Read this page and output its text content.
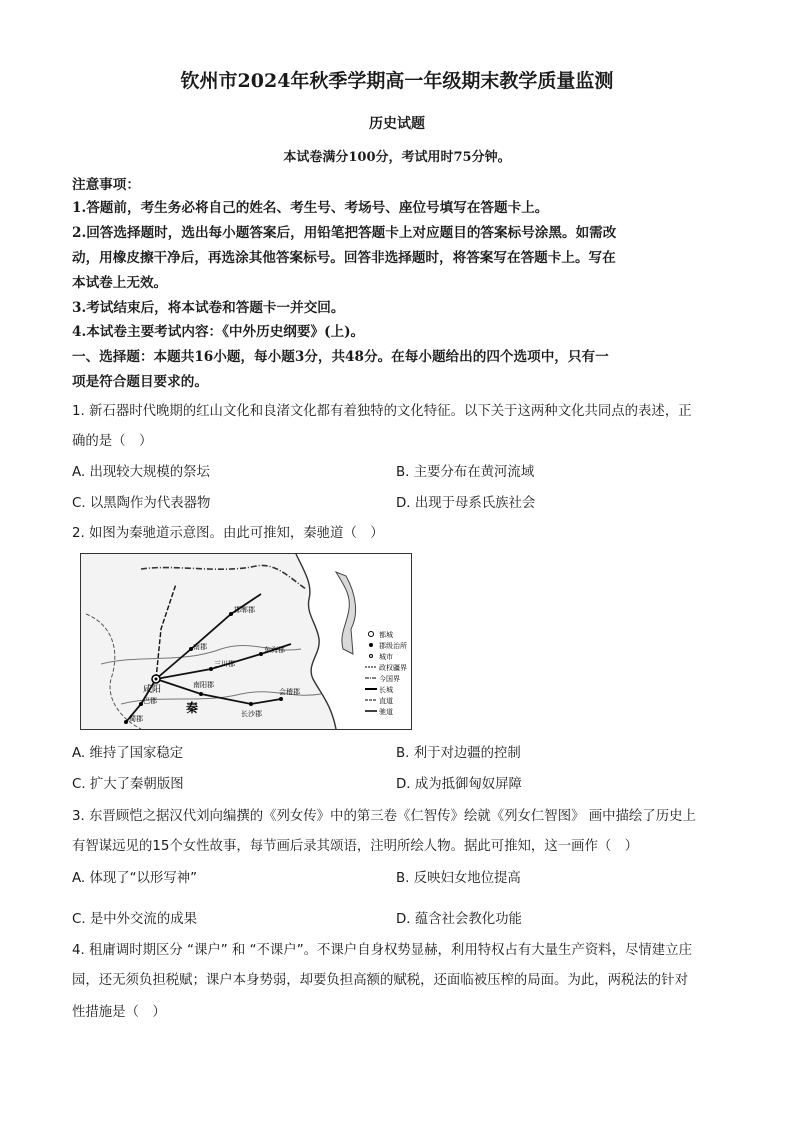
钦州市2024年秋季学期高一年级期末教学质量监测
历史试题
本试卷满分100分，考试用时75分钟。
注意事项：
1.答题前，考生务必将自己的姓名、考生号、考场号、座位号填写在答题卡上。
2.回答选择题时，选出每小题答案后，用铅笔把答题卡上对应题目的答案标号涂黑。如需改
动，用橡皮擦干净后，再选涂其他答案标号。回答非选择题时，将答案写在答题卡上。写在
本试卷上无效。
3.考试结束后，将本试卷和答题卡一并交回。
4.本试卷主要考试内容：《中外历史纲要》(上)。
一、选择题：本题共16小题，每小题3分，共48分。在每小题给出的四个选项中，只有一
项是符合题目要求的。
1. 新石器时代晚期的红山文化和良渚文化都有着独特的文化特征。以下关于这两种文化共同点的表述，正
确的是（　）
A. 出现较大规模的祭坛	B. 主要分布在黄河流域
C. 以黑陶作为代表器物	D. 出现于母系氏族社会
2. 如图为秦驰道示意图。由此可推知，秦驰道（　）
咸阳
三川郡
邯郸郡
东海郡
南阳郡
会稽郡
巴郡
蜀郡
长沙郡
南郡
秦
都城
郡级治所
城市
政权疆界
今国界
长城
直道
驰道
A. 维持了国家稳定	B. 利于对边疆的控制
C. 扩大了秦朝版图	D. 成为抵御匈奴屏障
3. 东晋顾恺之据汉代刘向编撰的《列女传》中的第三卷《仁智传》绘就《列女仁智图》 画中描绘了历史上
有智谋远见的15个女性故事，每节画后录其颂语，注明所绘人物。据此可推知，这一画作（　）
A. 体现了“以形写神”	B. 反映妇女地位提高
C. 是中外交流的成果	D. 蕴含社会教化功能
4. 租庸调时期区分 “课户” 和 “不课户”。不课户自身权势显赫，利用特权占有大量生产资料，尽情建立庄
园，还无须负担税赋；课户本身势弱，却要负担高额的赋税，还面临被压榨的局面。为此，两税法的针对
性措施是（　）
